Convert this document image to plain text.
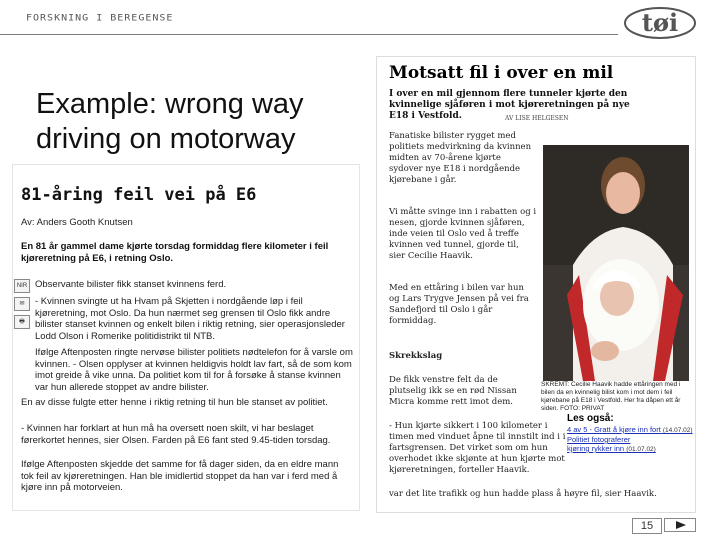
FORSKNING I BEREGENSE	tøi
Example: wrong way
driving on motorway
81-åring feil vei på E6
Av: Anders Gooth Knutsen
En 81 år gammel dame kjørte torsdag formiddag flere kilometer i feil kjøreretning på E6, i retning Oslo.
NIR
✉
🖶
Observante bilister fikk stanset kvinnens ferd.
- Kvinnen svingte ut ha Hvam på Skjetten i nordgående løp i feil kjøreretning, mot Oslo. Da hun nærmet seg grensen til Oslo fikk andre bilister stanset kvinnen og enkelt bilen i riktig retning, sier operasjonsleder Lodd Olson i Romerike politidistrikt til NTB.
Ifølge Aftenposten ringte nervøse bilister politiets nødtelefon for å varsle om kvinnen. - Olsen opplyser at kvinnen heldigvis holdt lav fart, så de som kom imot greide å vike unna. Da politiet kom til for å forsøke å stanse kvinnen var hun allerede stoppet av andre bilister.
En av disse fulgte etter henne i riktig retning til hun ble stanset av politiet.
- Kvinnen har forklart at hun må ha oversett noen skilt, vi har beslaget førerkortet hennes, sier Olsen. Farden på E6 fant sted 9.45-tiden torsdag.
Ifølge Aftenposten skjedde det samme for få dager siden, da en eldre mann tok feil av kjøreretningen. Han ble imidlertid stoppet da han var i ferd med å kjøre inn på motorveien.
Motsatt fil i over en mil
I over en mil gjennom flere tunneler kjørte den kvinnelige sjåføren i mot kjøreretningen på nye E18 i Vestfold.	AV LISE HELGESEN
Fanatiske bilister rygget med politiets medvirkning da kvinnen midten av 70-årene kjørte sydover nye E18 i nordgående kjørebane i går.
Vi måtte svinge inn i rabatten og i nesen, gjorde kvinnen sjåføren, inde veien til Oslo ved å treffe kvinnen ved tunnel, gjorde til, sier Cecilie Haavik.
Med en ettåring i bilen var hun og Lars Trygve Jensen på vei fra Sandefjord til Oslo i går formiddag.
Skrekkslag
De fikk venstre felt da de plutselig ikk se en rød Nissan Micra komme rett imot dem.
- Hun kjørte sikkert i 100 kilometer i timen med vinduet åpne til innstilt ind i i fartsgrensen. Det virket som om hun overhodet ikke skjønte at hun kjørte mot kjøreretningen, forteller Haavik.
var det lite trafikk og hun hadde plass å høyre fil, sier Haavik.
SKREMT: Cecilie Haavik hadde ettåringen med i bilen da en kvinnelig bilist kom i mot dem i feil kjørebane på E18 i Vestfold. Her fra dåpen ett år siden. FOTO: PRIVAT
Les også:
4 av 5 - Gratt å kjøre inn fort (14.07.02)
Politiet fotograferer
kjøring rykker inn (01.07.02)
15
